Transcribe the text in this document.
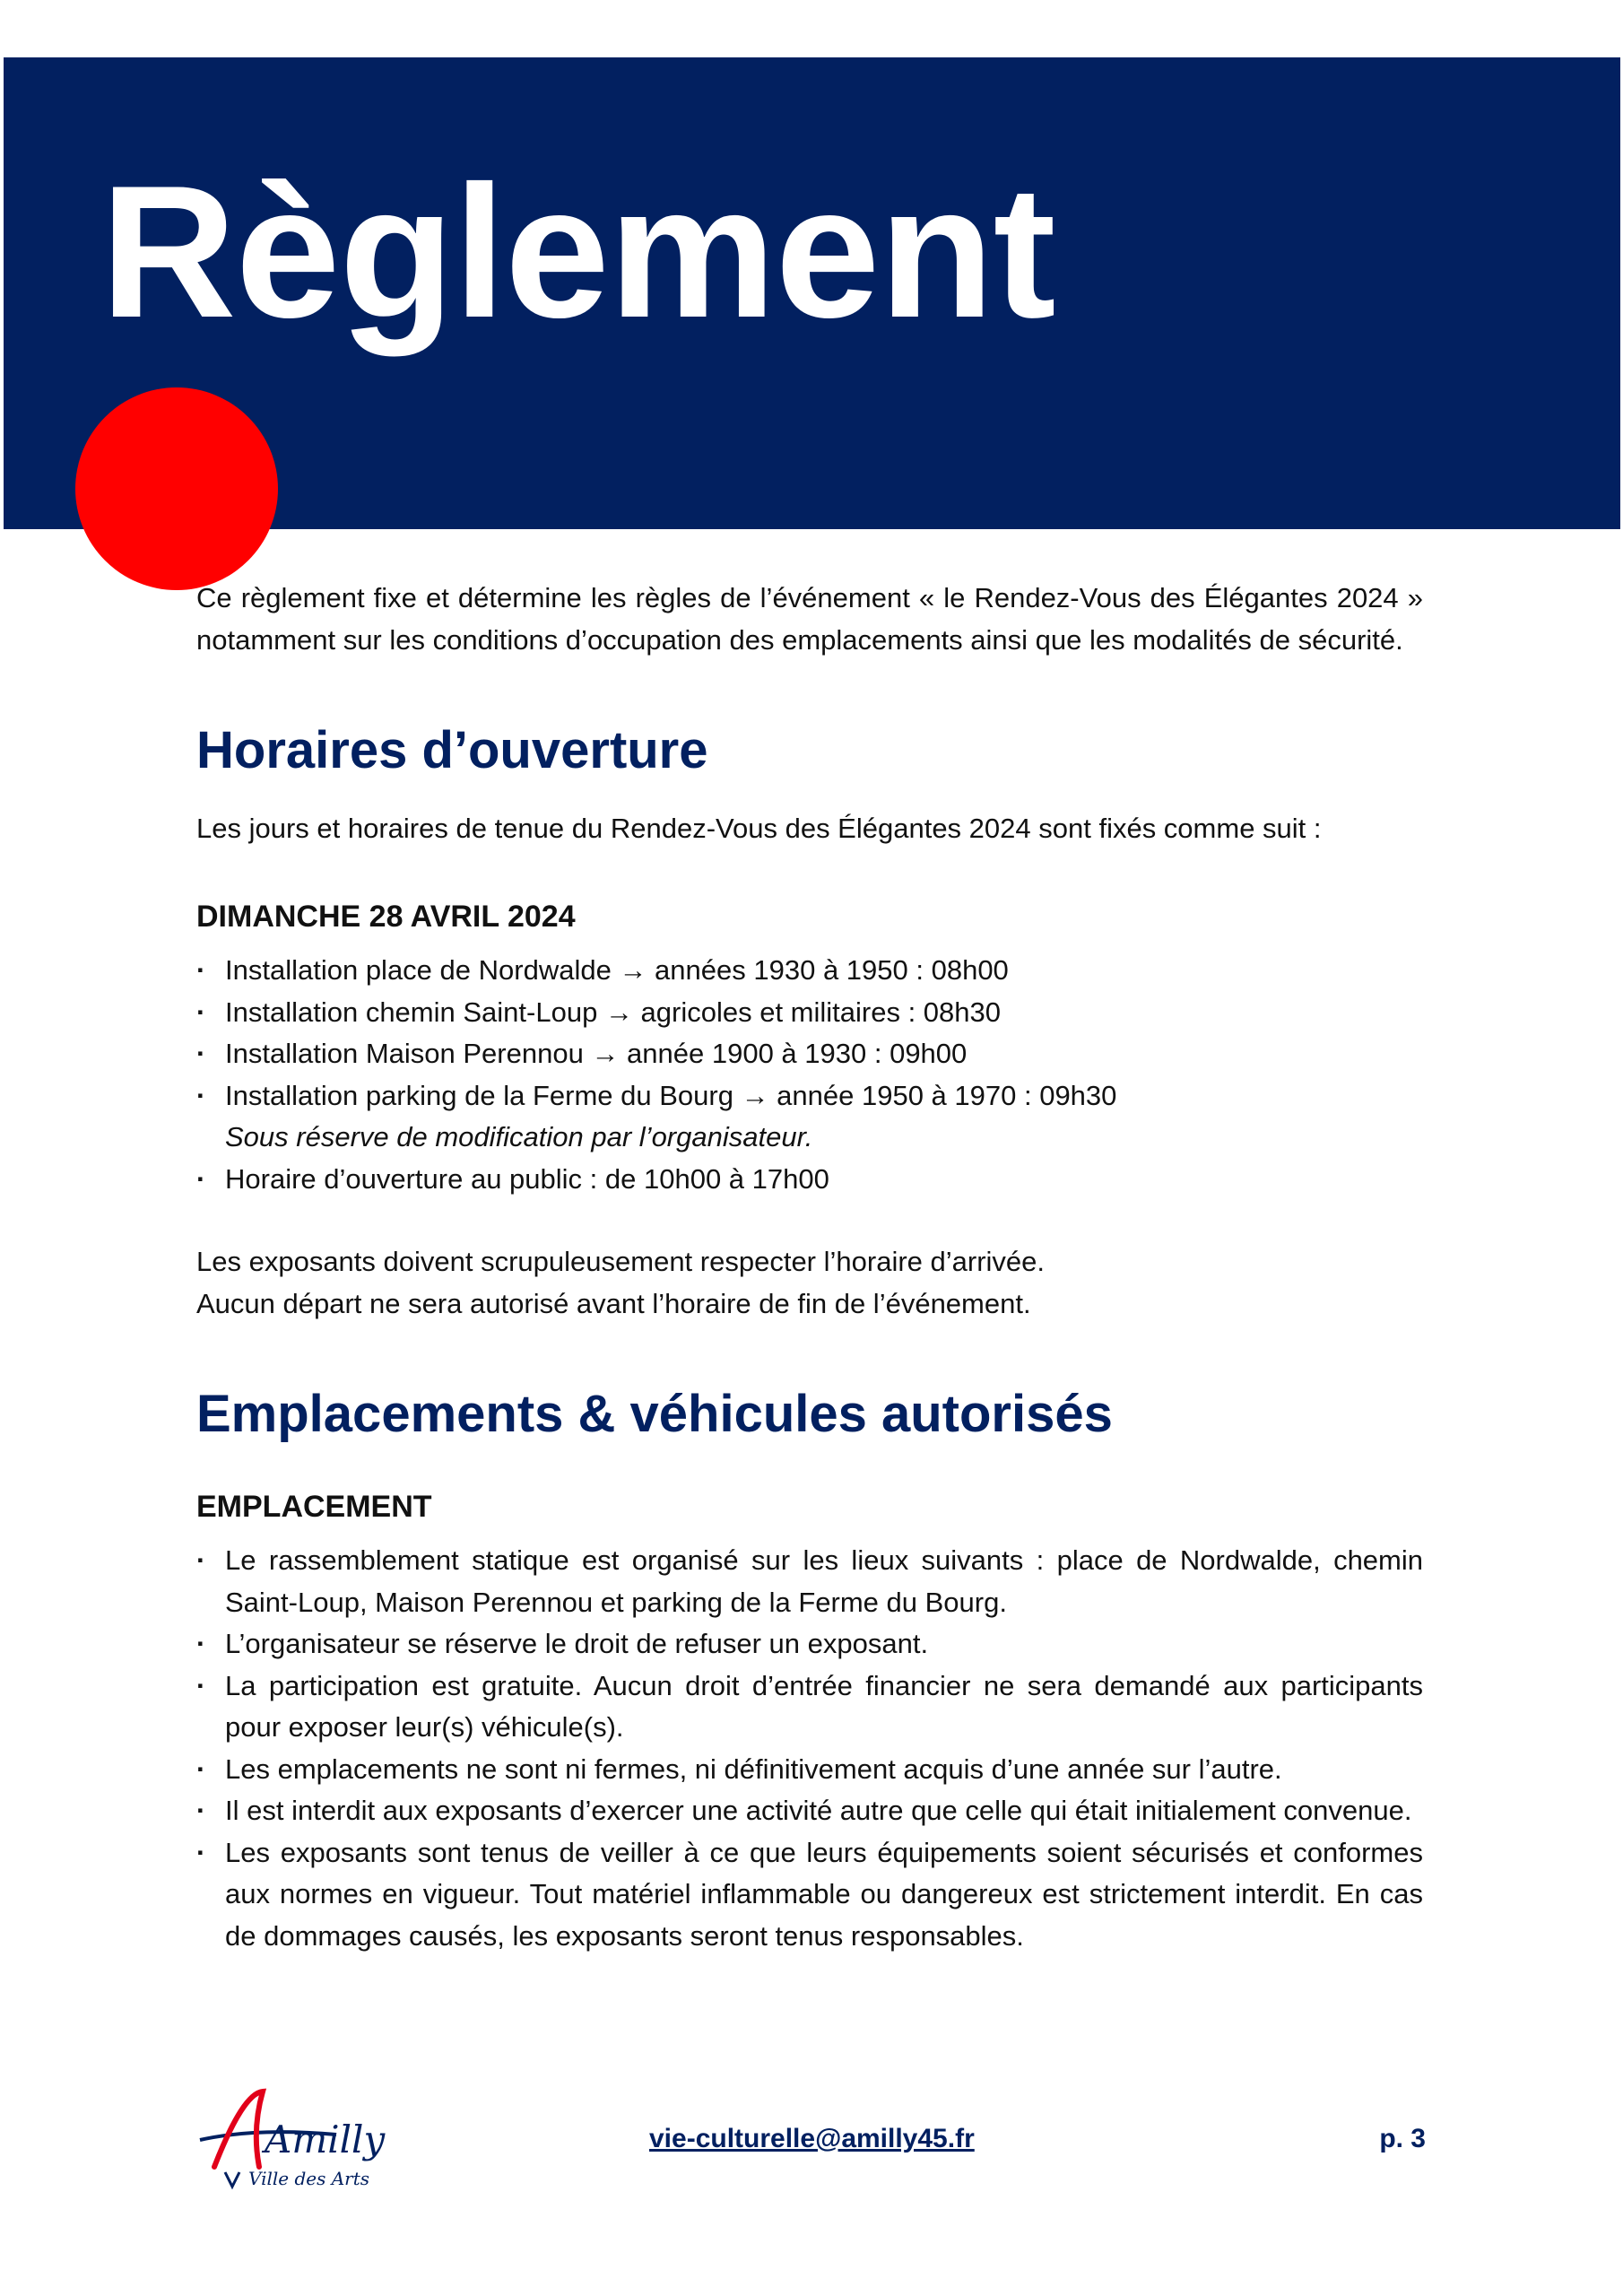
Règlement

Ce règlement fixe et détermine les règles de l’événement « le Rendez-Vous des Élégantes 2024 » notamment sur les conditions d’occupation des emplacements ainsi que les modalités de sécurité.

Horaires d’ouverture

Les jours et horaires de tenue du Rendez-Vous des Élégantes 2024 sont fixés comme suit :

DIMANCHE 28 AVRIL 2024
· Installation place de Nordwalde → années 1930 à 1950 : 08h00
· Installation chemin Saint-Loup → agricoles et militaires : 08h30
· Installation Maison Perennou → année 1900 à 1930 : 09h00
· Installation parking de la Ferme du Bourg → année 1950 à 1970 : 09h30
Sous réserve de modification par l’organisateur.
· Horaire d’ouverture au public : de 10h00 à 17h00

Les exposants doivent scrupuleusement respecter l’horaire d’arrivée.

Aucun départ ne sera autorisé avant l’horaire de fin de l’événement.

Emplacements & véhicules autorisés
EMPLACEMENT
· Le rassemblement statique est organisé sur les lieux suivants : place de Nordwalde, chemin Saint-Loup, Maison Perennou et parking de la Ferme du Bourg.
· L’organisateur se réserve le droit de refuser un exposant.
· La participation est gratuite. Aucun droit d’entrée financier ne sera demandé aux participants pour exposer leur(s) véhicule(s).
· Les emplacements ne sont ni fermes, ni définitivement acquis d’une année sur l’autre.
· Il est interdit aux exposants d’exercer une activité autre que celle qui était initialement convenue.
· Les exposants sont tenus de veiller à ce que leurs équipements soient sécurisés et conformes aux normes en vigueur. Tout matériel inflammable ou dangereux est strictement interdit. En cas de dommages causés, les exposants seront tenus responsables.
Amilly
Ville des Arts
vie-culturelle@amilly45.fr	p. 3
